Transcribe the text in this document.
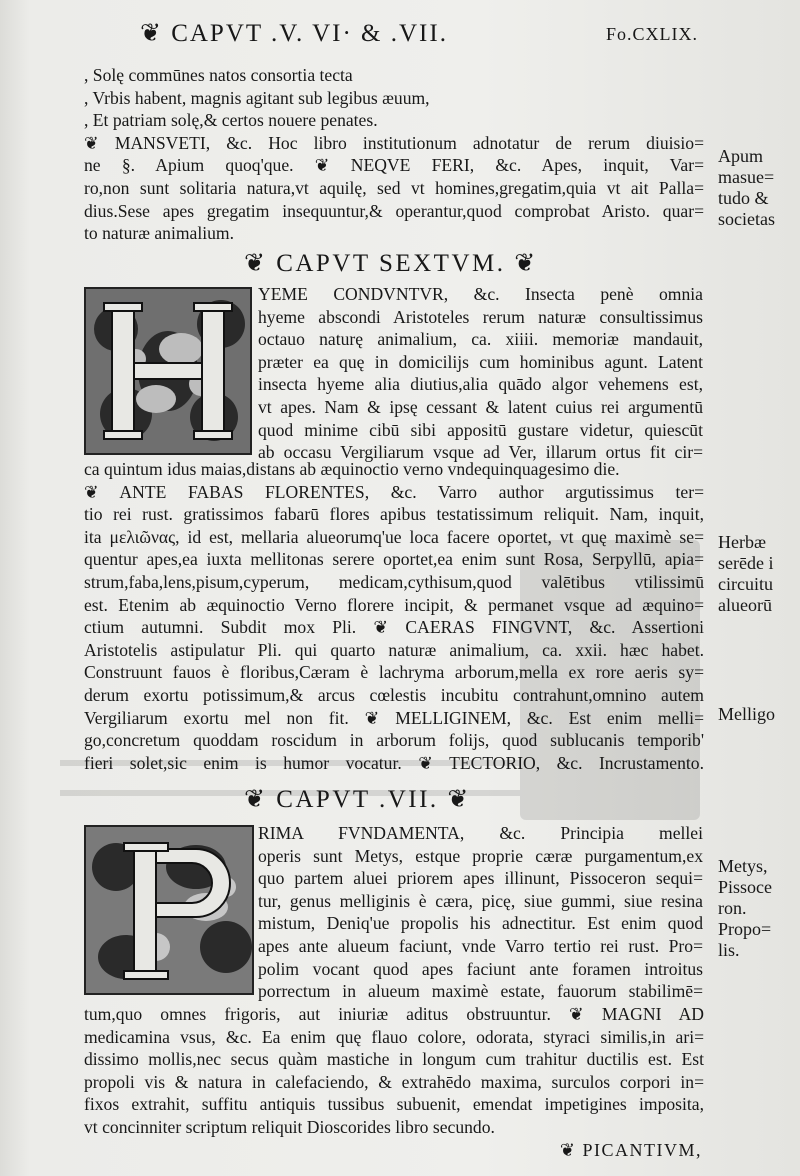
❦ CAPVT .V. VI· & .VII.	Fo.CXLIX.
, Solę commūnes natos consortia tecta
, Vrbis habent, magnis agitant sub legibus æuum,
, Et patriam solę,& certos nouere penates.
❦ MANSVETI, &c. Hoc libro institutionum adnotatur de rerum diuisio=
ne §. Apium quoq'que. ❦ NEQVE FERI, &c. Apes, inquit, Var=
ro,non sunt solitaria natura,vt aquilę, sed vt homines,gregatim,quia vt ait Palla=
dius.Sese apes gregatim insequuntur,& operantur,quod comprobat Aristo. quar=
to naturæ animalium.
❦ CAPVT SEXTVM. ❦
YEME CONDVNTVR, &c. Insecta penè omnia
hyeme abscondi Aristoteles rerum naturæ consultissimus
octauo naturę animalium, ca. xiiii. memoriæ mandauit,
præter ea quę in domicilijs cum hominibus agunt. Latent
insecta hyeme alia diutius,alia quādo algor vehemens est,
vt apes. Nam & ipsę cessant & latent cuius rei argumentū
quod minime cibū sibi appositū gustare videtur, quiescūt
ab occasu Vergiliarum vsque ad Ver, illarum ortus fit cir=
ca quintum idus maias,distans ab æquinoctio verno vndequinquagesimo die.
❦ ANTE FABAS FLORENTES, &c. Varro author argutissimus ter=
tio rei rust. gratissimos fabarū flores apibus testatissimum reliquit. Nam, inquit,
ita μελιῶνας, id est, mellaria alueorumq'ue loca facere oportet, vt quę maximè se=
quentur apes,ea iuxta mellitonas serere oportet,ea enim sunt Rosa, Serpyllū, apia=
strum,faba,lens,pisum,cyperum, medicam,cythisum,quod valētibus vtilissimū
est. Etenim ab æquinoctio Verno florere incipit, & permanet vsque ad æquino=
ctium autumni. Subdit mox Pli. ❦ CAERAS FINGVNT, &c. Assertioni
Aristotelis astipulatur Pli. qui quarto naturæ animalium, ca. xxii. hæc habet.
Construunt fauos è floribus,Cæram è lachryma arborum,mella ex rore aeris sy=
derum exortu potissimum,& arcus cœlestis incubitu contrahunt,omnino autem
Vergiliarum exortu mel non fit. ❦ MELLIGINEM, &c. Est enim melli=
go,concretum quoddam roscidum in arborum folijs, quod sublucanis temporib'
fieri solet,sic enim is humor vocatur. ❦ TECTORIO, &c. Incrustamento.
❦ CAPVT .VII. ❦
RIMA FVNDAMENTA, &c. Principia mellei
operis sunt Metys, estque proprie cæræ purgamentum,ex
quo partem aluei priorem apes illinunt, Pissoceron sequi=
tur, genus melliginis è cæra, picę, siue gummi, siue resina
mistum, Deniq'ue propolis his adnectitur. Est enim quod
apes ante alueum faciunt, vnde Varro tertio rei rust. Pro=
polim vocant quod apes faciunt ante foramen introitus
porrectum in alueum maximè estate, fauorum stabilimē=
tum,quo omnes frigoris, aut iniuriæ aditus obstruuntur. ❦ MAGNI AD
medicamina vsus, &c. Ea enim quę flauo colore, odorata, styraci similis,in ari=
dissimo mollis,nec secus quàm mastiche in longum cum trahitur ductilis est. Est
propoli vis & natura in calefaciendo, & extrahēdo maxima, surculos corpori in=
fixos extrahit, suffitu antiquis tussibus subuenit, emendat impetigines imposita,
vt concinniter scriptum reliquit Dioscorides libro secundo.
❦ PICANTIVM,
Apum
masue=
tudo &
societas
Herbæ
serēde i
circuitu
alueorū
Melligo
Metys,
Pissoce
ron.
Propo=
lis.
